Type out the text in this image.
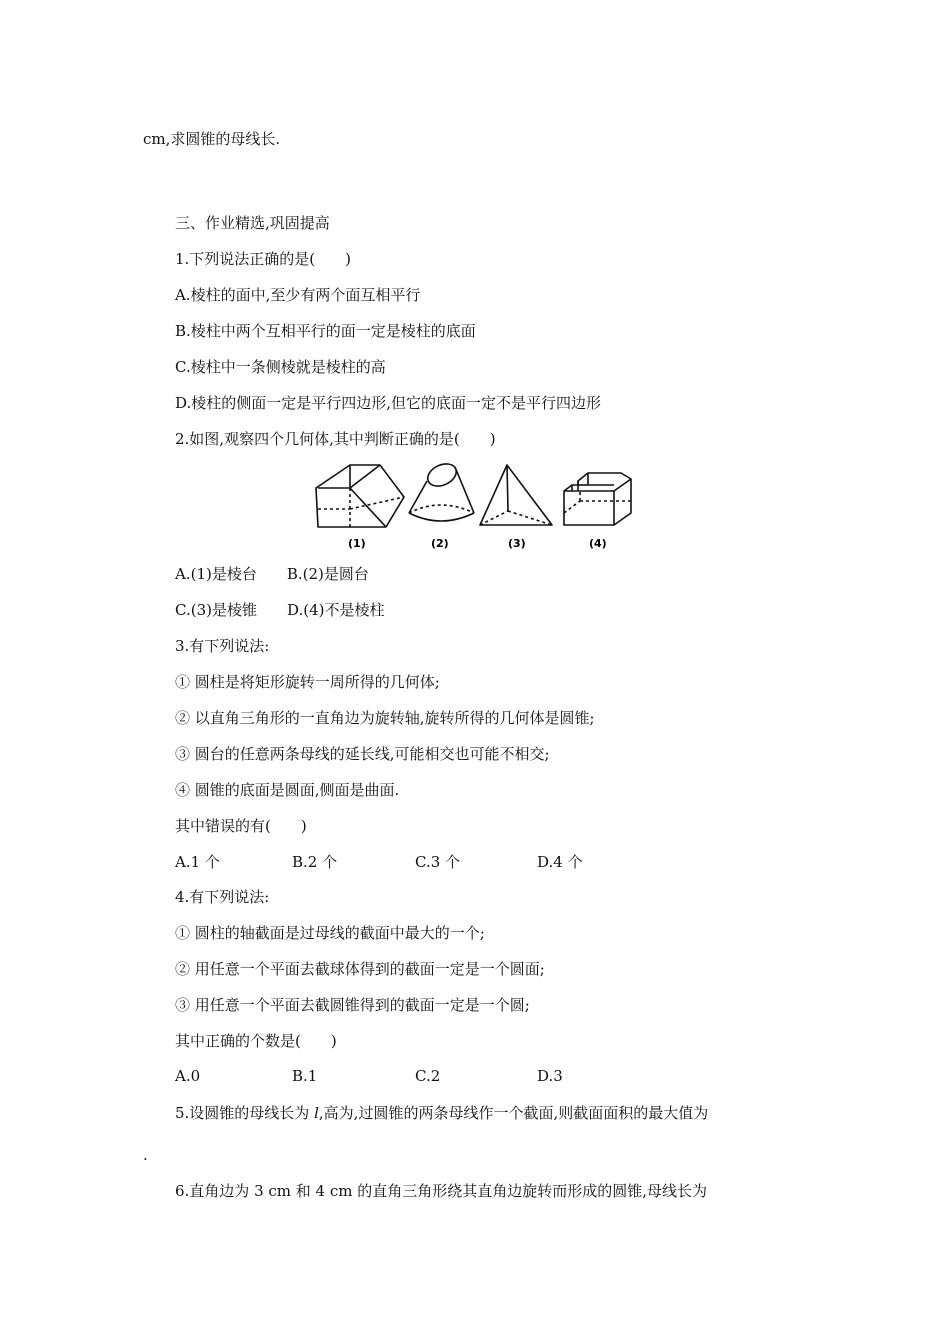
cm,求圆锥的母线长.
三、作业精选,巩固提高
1.下列说法正确的是(　　)
A.棱柱的面中,至少有两个面互相平行
B.棱柱中两个互相平行的面一定是棱柱的底面
C.棱柱中一条侧棱就是棱柱的高
D.棱柱的侧面一定是平行四边形,但它的底面一定不是平行四边形
2.如图,观察四个几何体,其中判断正确的是(　　)
(1)	(2)	(3)	(4)
A.(1)是棱台　　B.(2)是圆台
C.(3)是棱锥　　D.(4)不是棱柱
3.有下列说法:
① 圆柱是将矩形旋转一周所得的几何体;
② 以直角三角形的一直角边为旋转轴,旋转所得的几何体是圆锥;
③ 圆台的任意两条母线的延长线,可能相交也可能不相交;
④ 圆锥的底面是圆面,侧面是曲面.
其中错误的有(　　)
A.1 个	B.2 个	C.3 个	D.4 个
4.有下列说法:
① 圆柱的轴截面是过母线的截面中最大的一个;
② 用任意一个平面去截球体得到的截面一定是一个圆面;
③ 用任意一个平面去截圆锥得到的截面一定是一个圆;
其中正确的个数是(　　)
A.0	B.1	C.2	D.3
5.设圆锥的母线长为 l,高为,过圆锥的两条母线作一个截面,则截面面积的最大值为
.
6.直角边为 3 cm 和 4 cm 的直角三角形绕其直角边旋转而形成的圆锥,母线长为
